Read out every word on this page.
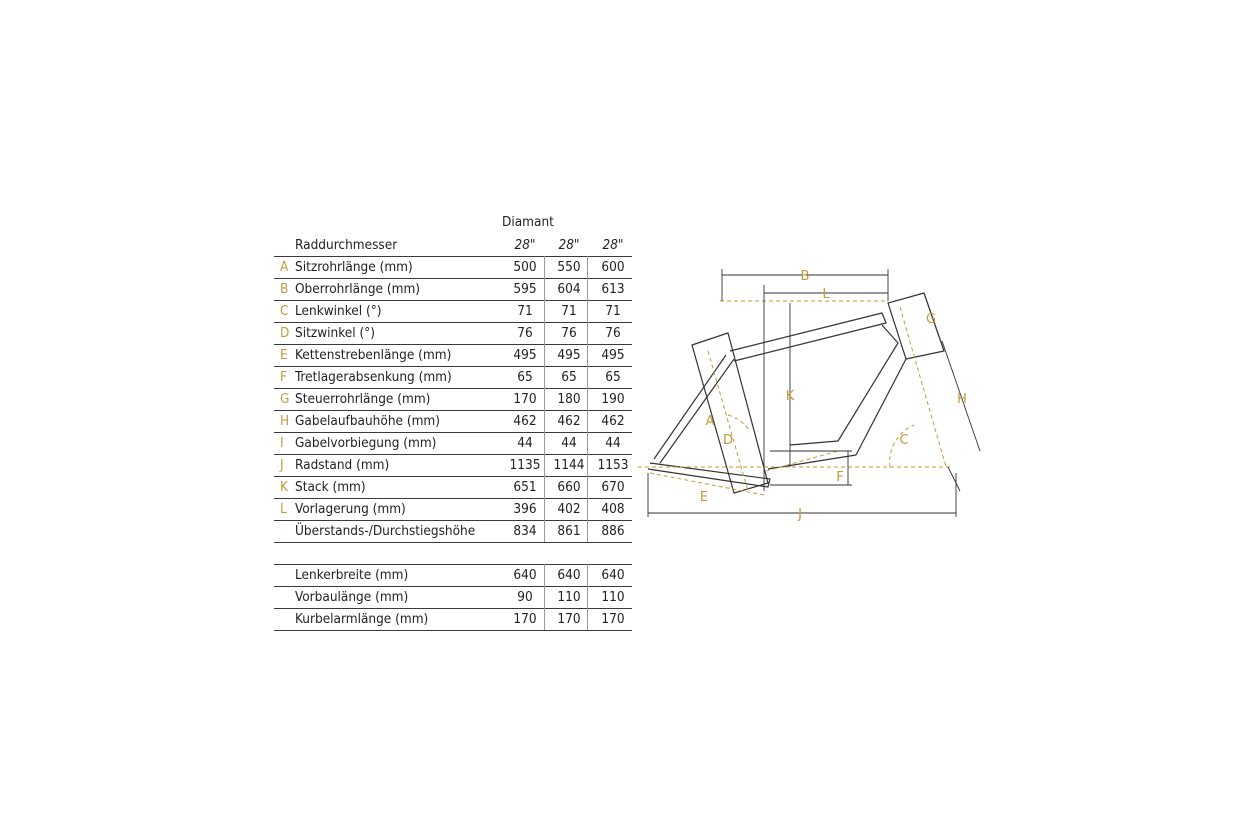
Diamant
Raddurchmesser	28"	28"	28"
A Sitzrohrlänge (mm)	500	550	600
B Oberrohrlänge (mm)	595	604	613
C Lenkwinkel (°)	71	71	71
D Sitzwinkel (°)	76	76	76
E Kettenstrebenlänge (mm)	495	495	495
F Tretlagerabsenkung (mm)	65	65	65
G Steuerrohrlänge (mm)	170	180	190
H Gabelaufbauhöhe (mm)	462	462	462
I Gabelvorbiegung (mm)	44	44	44
J Radstand (mm)	1135 1144 1153
K Stack (mm)	651	660	670
L Vorlagerung (mm)	396	402	408
Überstands-/Durchstiegshöhe	834	861	886
Lenkerbreite (mm)	640	640	640
Vorbaulänge (mm)	90	110	110
Kurbelarmlänge (mm)	170	170	170
B
L
K
A
D
E
F
G
H
C
J
